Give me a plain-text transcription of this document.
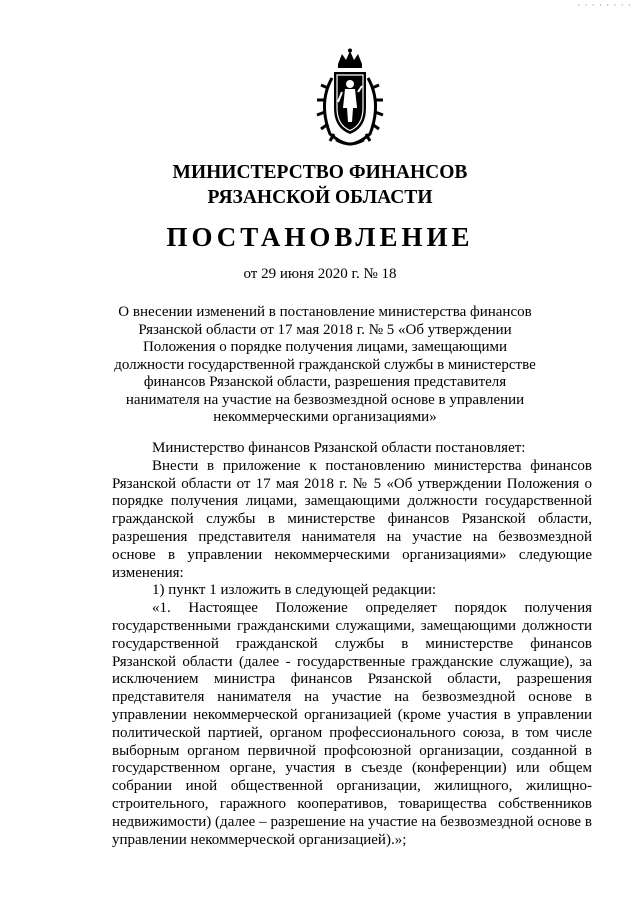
· · · · · · · ·
МИНИСТЕРСТВО ФИНАНСОВ
РЯЗАНСКОЙ ОБЛАСТИ
ПОСТАНОВЛЕНИЕ
от 29 июня 2020 г. № 18
О внесении изменений в постановление министерства финансов Рязанской области от 17 мая 2018 г. № 5 «Об утверждении Положения о порядке получения лицами, замещающими должности государственной гражданской службы в министерстве финансов Рязанской области, разрешения представителя нанимателя на участие на безвозмездной основе в управлении некоммерческими организациями»

Министерство финансов Рязанской области постановляет:

Внести в приложение к постановлению министерства финансов Рязанской области от 17 мая 2018 г. № 5 «Об утверждении Положения о порядке получения лицами, замещающими должности государственной гражданской службы в министерстве финансов Рязанской области, разрешения представителя нанимателя на участие на безвозмездной основе в управлении некоммерческими организациями» следующие изменения:

1) пункт 1 изложить в следующей редакции:

«1. Настоящее Положение определяет порядок получения государственными гражданскими служащими, замещающими должности государственной гражданской службы в министерстве финансов Рязанской области (далее - государственные гражданские служащие), за исключением министра финансов Рязанской области, разрешения представителя нанимателя на участие на безвозмездной основе в управлении некоммерческой организацией (кроме участия в управлении политической партией, органом профессионального союза, в том числе выборным органом первичной профсоюзной организации, созданной в государственном органе, участия в съезде (конференции) или общем собрании иной общественной организации, жилищного, жилищно-строительного, гаражного кооперативов, товарищества собственников недвижимости) (далее – разрешение на участие на безвозмездной основе в управлении некоммерческой организацией).»;
